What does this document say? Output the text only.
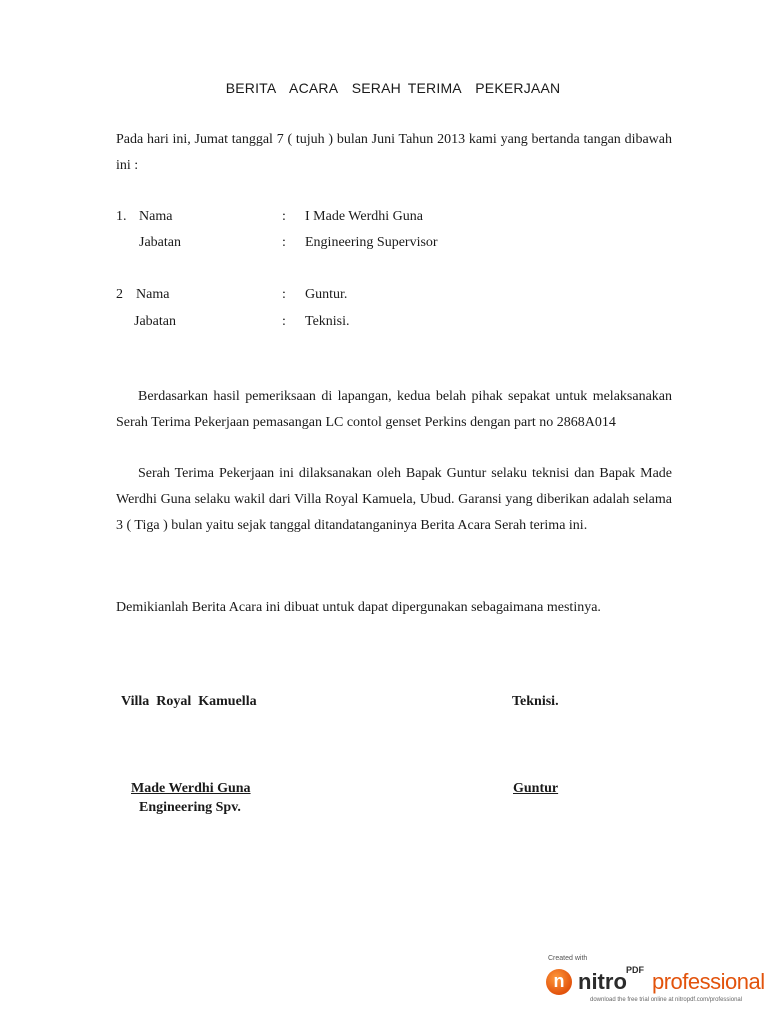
BERITA  ACARA  SERAH TERIMA  PEKERJAAN
Pada hari ini, Jumat tanggal 7 ( tujuh ) bulan Juni Tahun 2013 kami yang bertanda tangan dibawah ini :
1. Nama	: I Made Werdhi Guna
Jabatan	: Engineering Supervisor
2 Nama	: Guntur.
Jabatan	: Teknisi.
Berdasarkan hasil pemeriksaan di lapangan, kedua belah pihak sepakat untuk melaksanakan Serah Terima Pekerjaan pemasangan LC contol genset Perkins dengan part no 2868A014
Serah Terima Pekerjaan ini dilaksanakan oleh Bapak Guntur selaku teknisi dan Bapak Made Werdhi Guna selaku wakil dari Villa Royal Kamuela, Ubud. Garansi yang diberikan adalah selama 3 ( Tiga ) bulan yaitu sejak tanggal ditandatanganinya Berita Acara Serah terima ini.
Demikianlah Berita Acara ini dibuat untuk dapat dipergunakan sebagaimana mestinya.
Villa  Royal  Kamuella	Teknisi.
Made Werdhi Guna
Engineering Spv.
Guntur
Created with
n nitro PDF professional
download the free trial online at nitropdf.com/professional
